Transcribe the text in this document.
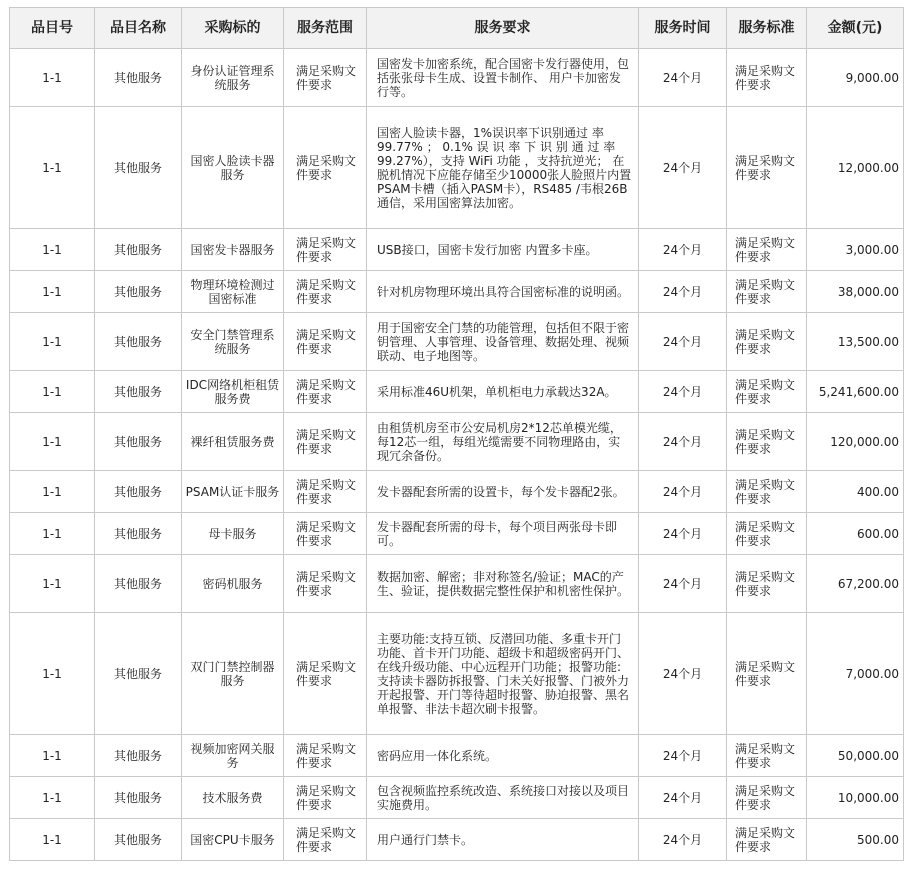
品目号	品目名称	采购标的	服务范围	服务要求	服务时间	服务标准	金额(元)
1-1	其他服务	身份认证管理系统服务	满足采购文件要求	国密发卡加密系统，配合国密卡发行器使用，包括张张母卡生成、设置卡制作、 用户卡加密发行等。	24个月	满足采购文件要求	9,000.00
1-1	其他服务	国密人脸读卡器服务	满足采购文件要求	国密人脸读卡器，1%误识率下识别通过 率 99.77% ； 0.1% 误 识 率 下 识 别 通 过 率 99.27%），支持 WiFi 功能 ，支持抗逆光； 在脱机情况下应能存储至少10000张人脸照片内置PSAM卡槽（插入PASM卡），RS485 /韦根26B通信，采用国密算法加密。	24个月	满足采购文件要求	12,000.00
1-1	其他服务	国密发卡器服务	满足采购文件要求	USB接口，国密卡发行加密 内置多卡座。	24个月	满足采购文件要求	3,000.00
1-1	其他服务	物理环境检测过国密标准	满足采购文件要求	针对机房物理环境出具符合国密标准的说明函。	24个月	满足采购文件要求	38,000.00
1-1	其他服务	安全门禁管理系统服务	满足采购文件要求	用于国密安全门禁的功能管理，包括但不限于密钥管理、人事管理、设备管理、数据处理、视频联动、电子地图等。	24个月	满足采购文件要求	13,500.00
1-1	其他服务	IDC网络机柜租赁服务费	满足采购文件要求	采用标准46U机架，单机柜电力承载达32A。	24个月	满足采购文件要求	5,241,600.00
1-1	其他服务	裸纤租赁服务费	满足采购文件要求	由租赁机房至市公安局机房2*12芯单模光缆，每12芯一组，每组光缆需要不同物理路由，实现冗余备份。	24个月	满足采购文件要求	120,000.00
1-1	其他服务	PSAM认证卡服务	满足采购文件要求	发卡器配套所需的设置卡，每个发卡器配2张。	24个月	满足采购文件要求	400.00
1-1	其他服务	母卡服务	满足采购文件要求	发卡器配套所需的母卡，每个项目两张母卡即可。	24个月	满足采购文件要求	600.00
1-1	其他服务	密码机服务	满足采购文件要求	数据加密、解密；非对称签名/验证；MAC的产生、验证，提供数据完整性保护和机密性保护。	24个月	满足采购文件要求	67,200.00
1-1	其他服务	双门门禁控制器服务	满足采购文件要求	主要功能:支持互锁、反潜回功能、多重卡开门功能、首卡开门功能、超级卡和超级密码开门、在线升级功能、中心远程开门功能；报警功能:支持读卡器防拆报警、门未关好报警、门被外力开起报警、开门等待超时报警、胁迫报警、黑名单报警、非法卡超次刷卡报警。	24个月	满足采购文件要求	7,000.00
1-1	其他服务	视频加密网关服务	满足采购文件要求	密码应用一体化系统。	24个月	满足采购文件要求	50,000.00
1-1	其他服务	技术服务费	满足采购文件要求	包含视频监控系统改造、系统接口对接以及项目实施费用。	24个月	满足采购文件要求	10,000.00
1-1	其他服务	国密CPU卡服务	满足采购文件要求	用户通行门禁卡。	24个月	满足采购文件要求	500.00
